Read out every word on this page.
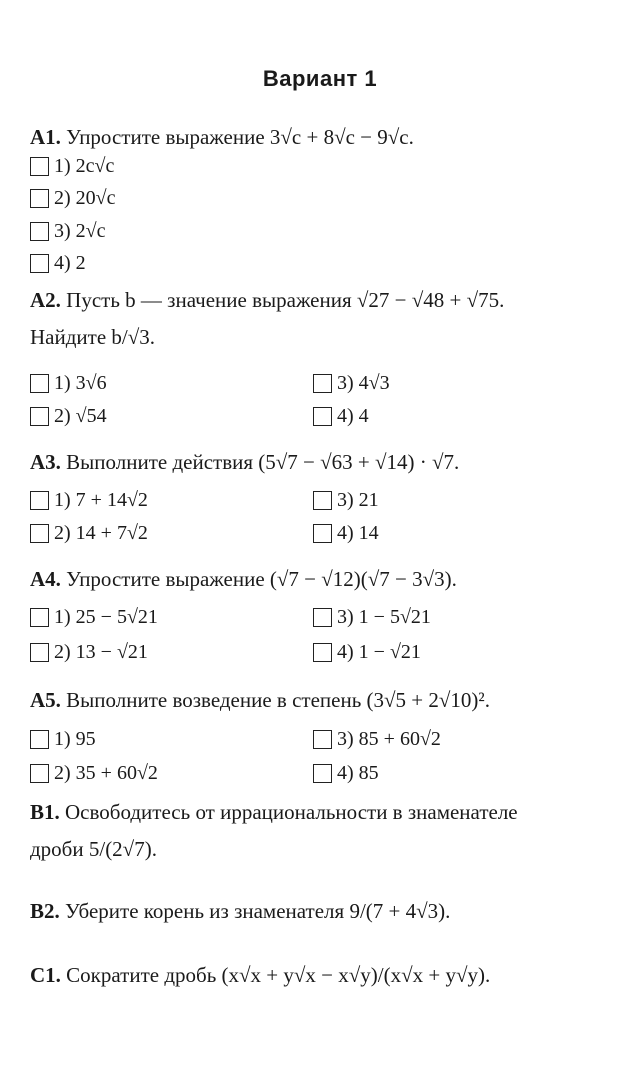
Вариант 1
А1. Упростите выражение 3√c + 8√c − 9√c.
1) 2c√c
2) 20√c
3) 2√c
4) 2
А2. Пусть b — значение выражения √27 − √48 + √75.
Найдите b/√3.
1) 3√6
2) √54
3) 4√3
4) 4
А3. Выполните действия (5√7 − √63 + √14) · √7.
1) 7 + 14√2
2) 14 + 7√2
3) 21
4) 14
А4. Упростите выражение (√7 − √12)(√7 − 3√3).
1) 25 − 5√21
2) 13 − √21
3) 1 − 5√21
4) 1 − √21
А5. Выполните возведение в степень (3√5 + 2√10)².
1) 95
2) 35 + 60√2
3) 85 + 60√2
4) 85
В1. Освободитесь от иррациональности в знаменателе
дроби 5/(2√7).
В2. Уберите корень из знаменателя 9/(7 + 4√3).
С1. Сократите дробь (x√x + y√x − x√y)/(x√x + y√y).
